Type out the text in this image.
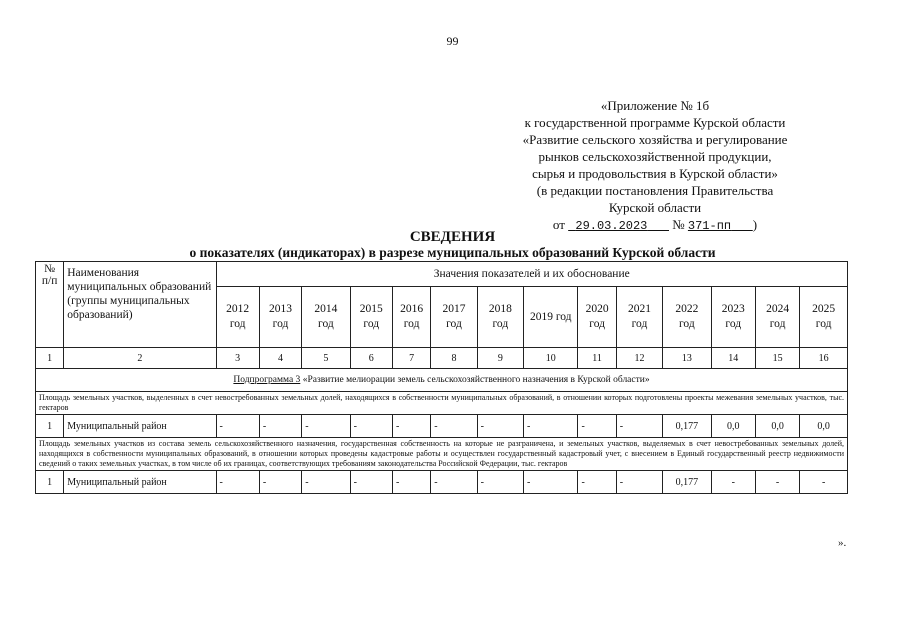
99
«Приложение № 1б
к государственной программе Курской области
«Развитие сельского хозяйства и регулирование
рынков сельскохозяйственной продукции,
сырья и продовольствия в Курской области»
(в редакции постановления Правительства
Курской области
от 29.03.2023 № 371-пп )
СВЕДЕНИЯ
о показателях (индикаторах) в разрезе муниципальных образований Курской области
№ п/п	Наименования муниципальных образований (группы муниципальных образований)	Значения показателей и их обоснование													
		2012 год	2013 год	2014 год	2015 год	2016 год	2017 год	2018 год	2019 год	2020 год	2021 год	2022 год	2023 год	2024 год	2025 год
1	2	3	4	5	6	7	8	9	10	11	12	13	14	15	16
Подпрограмма 3 «Развитие мелиорации земель сельскохозяйственного назначения в Курской области»															
Площадь земельных участков, выделенных в счет невостребованных земельных долей, находящихся в собственности муниципальных образований, в отношении которых подготовлены проекты межевания земельных участков, тыс. гектаров															
1	Муниципальный район	-	-	-	-	-	-	-	-	-	-	0,177	0,0	0,0	0,0
Площадь земельных участков из состава земель сельскохозяйственного назначения, государственная собственность на которые не разграничена, и земельных участков, выделяемых в счет невостребованных земельных долей, находящихся в собственности муниципальных образований, в отношении которых проведены кадастровые работы и осуществлен государственный кадастровый учет, с внесением в Единый государственный реестр недвижимости сведений о таких земельных участках, в том числе об их границах, соответствующих требованиям законодательства Российской Федерации, тыс. гектаров															
1	Муниципальный район	-	-	-	-	-	-	-	-	-	-	0,177	-	-	-
».
